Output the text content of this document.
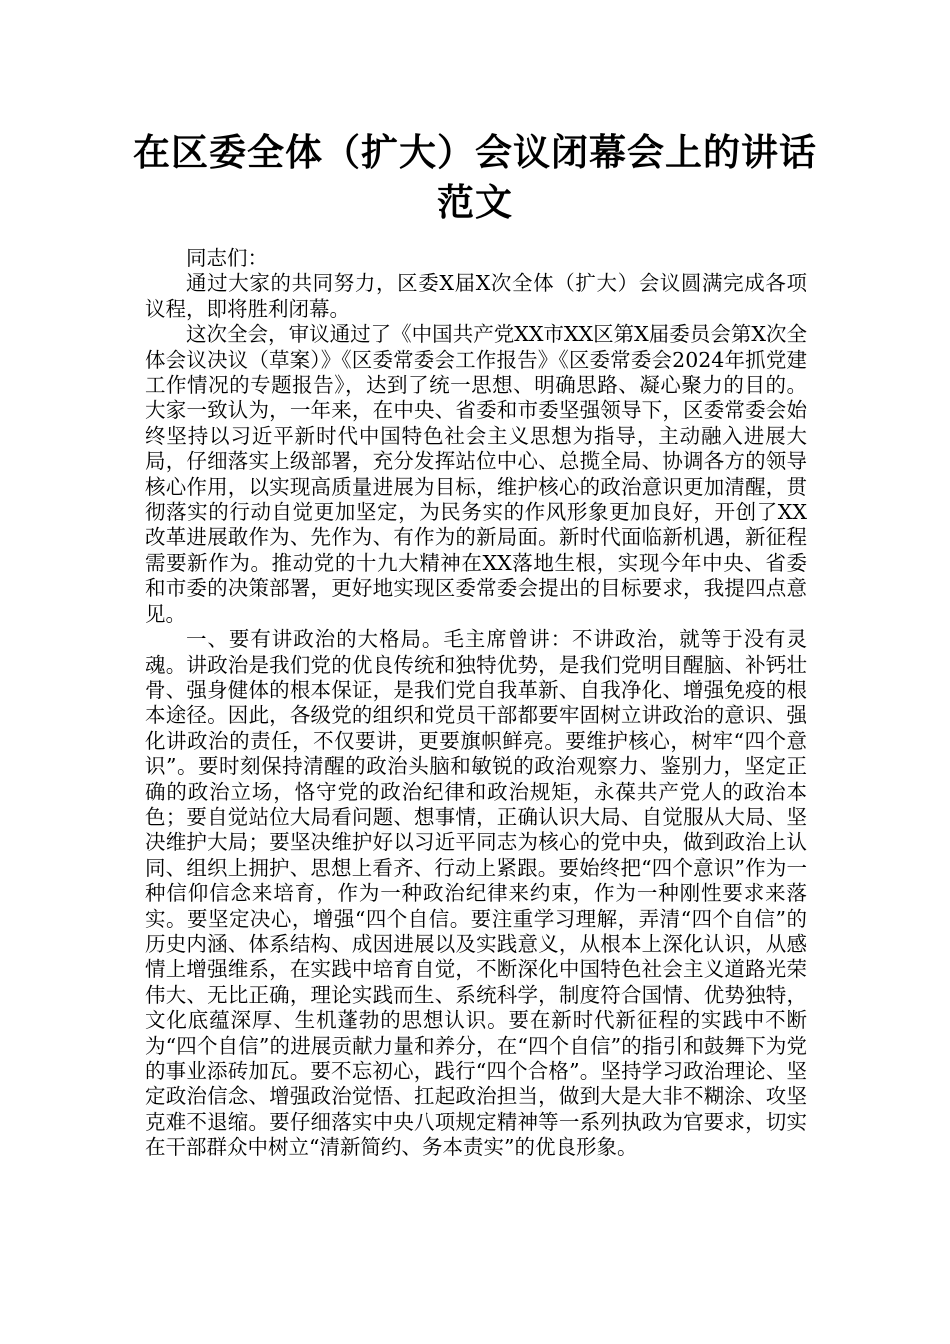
在区委全体（扩大）会议闭幕会上的讲话范文

同志们：

通过大家的共同努力，区委X届X次全体（扩大）会议圆满完成各项议程，即将胜利闭幕。

这次全会，审议通过了《中国共产党XX市XX区第X届委员会第X次全体会议决议（草案）》《区委常委会工作报告》《区委常委会2024年抓党建工作情况的专题报告》，达到了统一思想、明确思路、凝心聚力的目的。大家一致认为，一年来，在中央、省委和市委坚强领导下，区委常委会始终坚持以习近平新时代中国特色社会主义思想为指导，主动融入进展大局，仔细落实上级部署，充分发挥站位中心、总揽全局、协调各方的领导核心作用，以实现高质量进展为目标，维护核心的政治意识更加清醒，贯彻落实的行动自觉更加坚定，为民务实的作风形象更加良好，开创了XX改革进展敢作为、先作为、有作为的新局面。新时代面临新机遇，新征程需要新作为。推动党的十九大精神在XX落地生根，实现今年中央、省委和市委的决策部署，更好地实现区委常委会提出的目标要求，我提四点意见。

一、要有讲政治的大格局。毛主席曾讲：不讲政治，就等于没有灵魂。讲政治是我们党的优良传统和独特优势，是我们党明目醒脑、补钙壮骨、强身健体的根本保证，是我们党自我革新、自我净化、增强免疫的根本途径。因此，各级党的组织和党员干部都要牢固树立讲政治的意识、强化讲政治的责任，不仅要讲，更要旗帜鲜亮。要维护核心，树牢“四个意识”。要时刻保持清醒的政治头脑和敏锐的政治观察力、鉴别力，坚定正确的政治立场，恪守党的政治纪律和政治规矩，永葆共产党人的政治本色；要自觉站位大局看问题、想事情，正确认识大局、自觉服从大局、坚决维护大局；要坚决维护好以习近平同志为核心的党中央，做到政治上认同、组织上拥护、思想上看齐、行动上紧跟。要始终把“四个意识”作为一种信仰信念来培育，作为一种政治纪律来约束，作为一种刚性要求来落实。要坚定决心，增强“四个自信。要注重学习理解，弄清“四个自信”的历史内涵、体系结构、成因进展以及实践意义，从根本上深化认识，从感情上增强维系，在实践中培育自觉，不断深化中国特色社会主义道路光荣伟大、无比正确，理论实践而生、系统科学，制度符合国情、优势独特，文化底蕴深厚、生机蓬勃的思想认识。要在新时代新征程的实践中不断为“四个自信”的进展贡献力量和养分，在“四个自信”的指引和鼓舞下为党的事业添砖加瓦。要不忘初心，践行“四个合格”。坚持学习政治理论、坚定政治信念、增强政治觉悟、扛起政治担当，做到大是大非不糊涂、攻坚克难不退缩。要仔细落实中央八项规定精神等一系列执政为官要求，切实在干部群众中树立“清新简约、务本责实”的优良形象。
